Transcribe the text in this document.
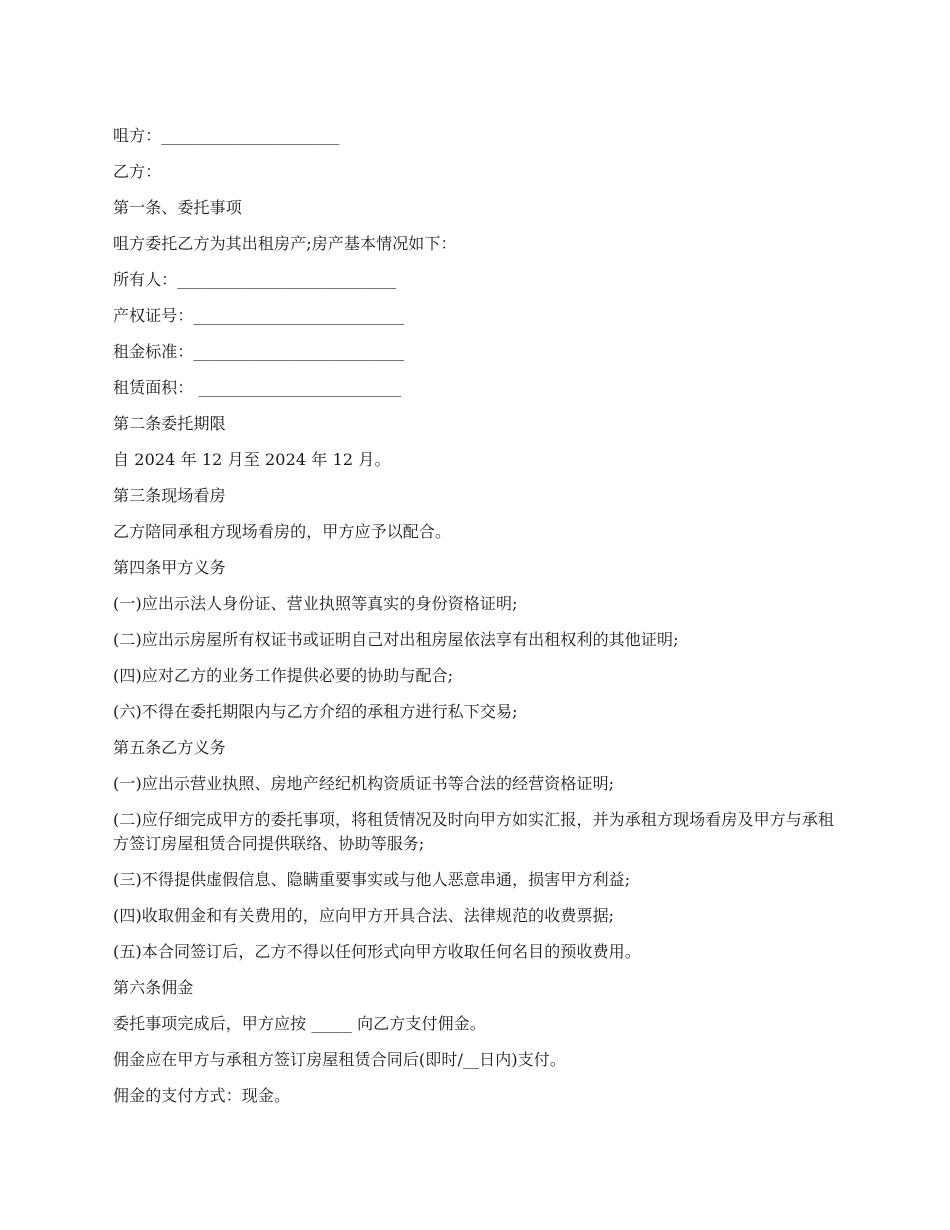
咀方：______________________

乙方：

第一条、委托事项

咀方委托乙方为其出租房产;房产基本情况如下：

所有人：___________________________

产权证号：__________________________

租金标准：__________________________

租赁面积： _________________________

第二条委托期限

自 2024 年 12 月至 2024 年 12 月。

第三条现场看房

乙方陪同承租方现场看房的，甲方应予以配合。

第四条甲方义务

(一)应出示法人身份证、营业执照等真实的身份资格证明;

(二)应出示房屋所有权证书或证明自己对出租房屋依法享有出租权利的其他证明;

(四)应对乙方的业务工作提供必要的协助与配合;

(六)不得在委托期限内与乙方介绍的承租方进行私下交易;

第五条乙方义务

(一)应出示营业执照、房地产经纪机构资质证书等合法的经营资格证明;

(二)应仔细完成甲方的委托事项，将租赁情况及时向甲方如实汇报，并为承租方现场看房及甲方与承租方签订房屋租赁合同提供联络、协助等服务;

(三)不得提供虚假信息、隐瞒重要事实或与他人恶意串通，损害甲方利益;

(四)收取佣金和有关费用的，应向甲方开具合法、法律规范的收费票据;

(五)本合同签订后，乙方不得以任何形式向甲方收取任何名目的预收费用。

第六条佣金

委托事项完成后，甲方应按 _____ 向乙方支付佣金。

佣金应在甲方与承租方签订房屋租赁合同后(即时/__日内)支付。

佣金的支付方式：现金。
